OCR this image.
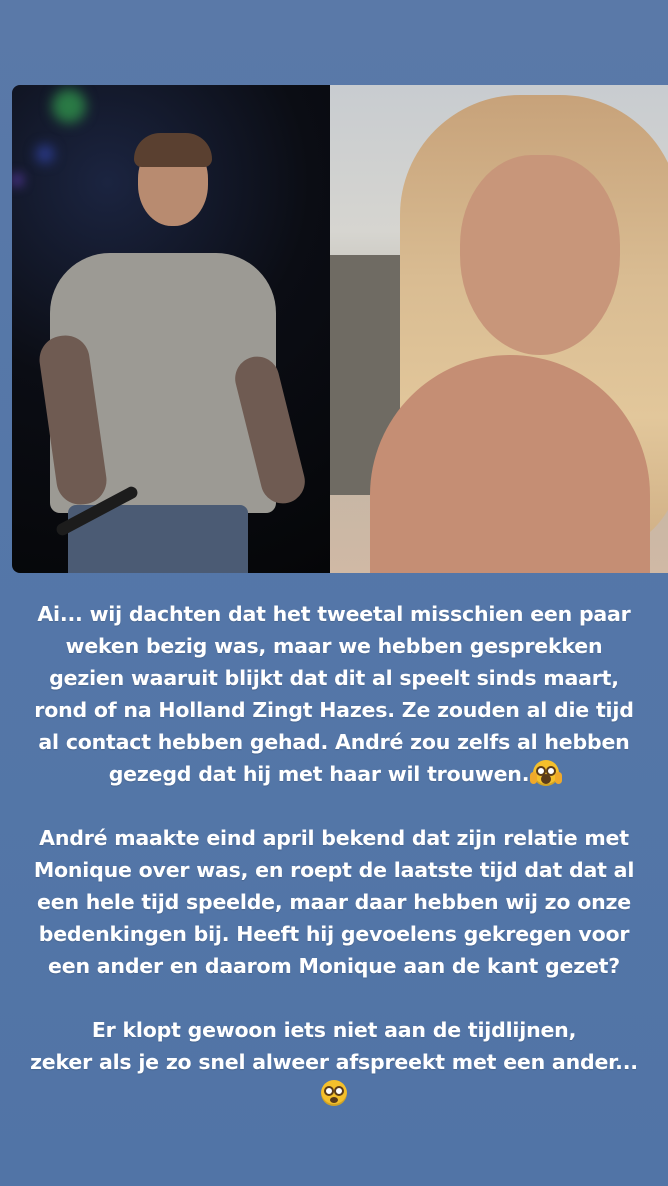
Ai... wij dachten dat het tweetal misschien een paar
weken bezig was, maar we hebben gesprekken
gezien waaruit blijkt dat dit al speelt sinds maart,
rond of na Holland Zingt Hazes. Ze zouden al die tijd
al contact hebben gehad. André zou zelfs al hebben
gezegd dat hij met haar wil trouwen.

André maakte eind april bekend dat zijn relatie met
Monique over was, en roept de laatste tijd dat dat al
een hele tijd speelde, maar daar hebben wij zo onze
bedenkingen bij. Heeft hij gevoelens gekregen voor
een ander en daarom Monique aan de kant gezet?

Er klopt gewoon iets niet aan de tijdlijnen,
zeker als je zo snel alweer afspreekt met een ander...
